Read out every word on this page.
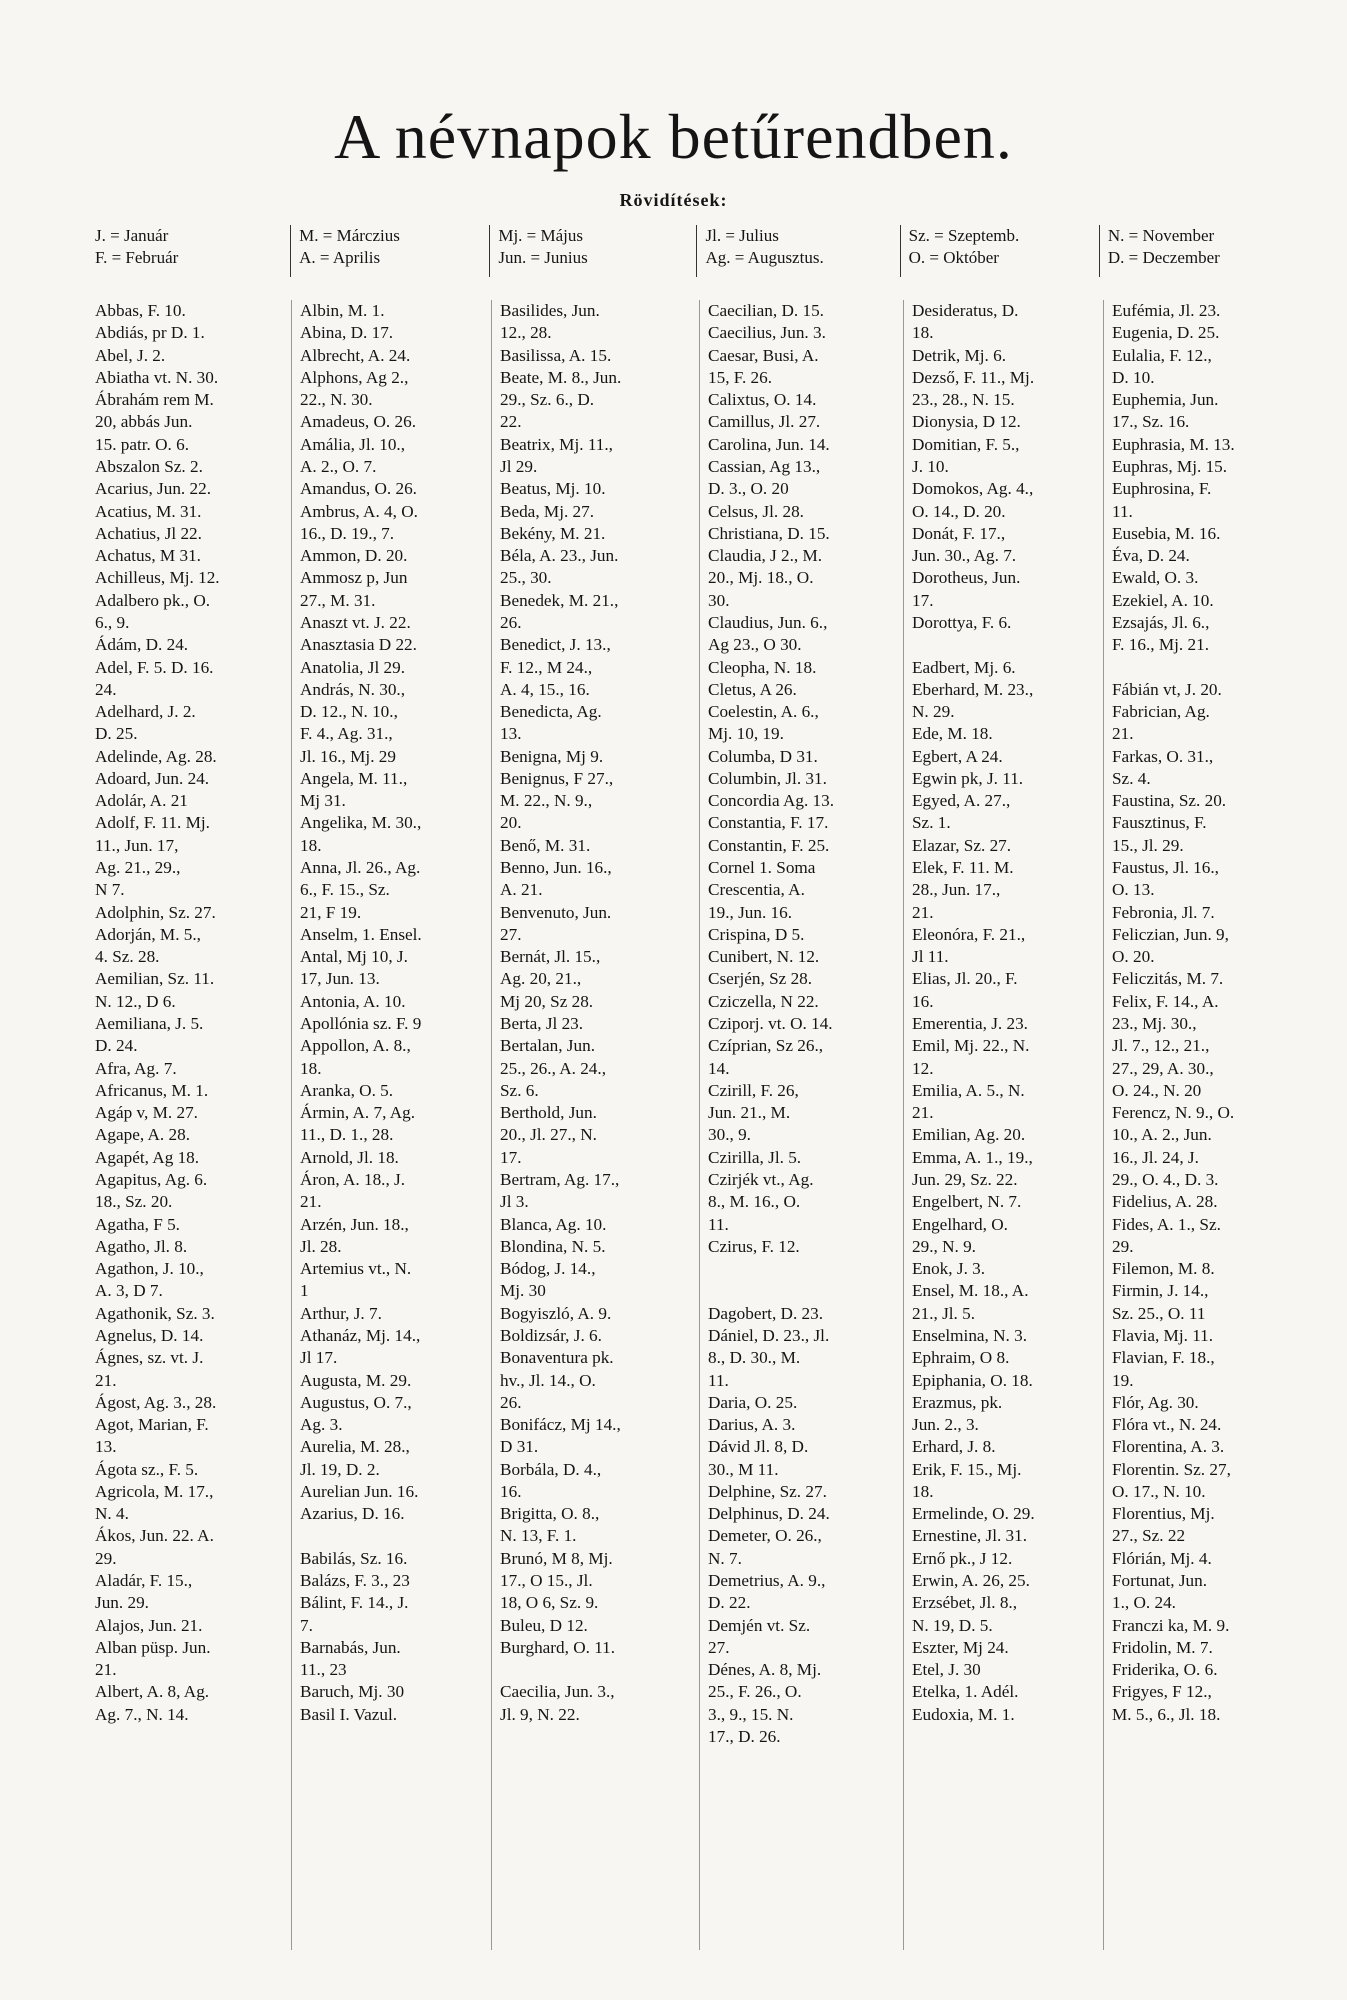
A névnapok betűrendben.
Rövidítések:
J. = Január
F. = Február
M. = Márczius
A. = Aprilis
Mj. = Május
Jun. = Junius
Jl. = Julius
Ag. = Augusztus.
Sz. = Szeptemb.
O. = Október
N. = November
D. = Deczember
Abbas, F. 10.
Abdiás, pr D. 1.
Abel, J. 2.
Abiatha vt. N. 30.
Ábrahám rem M.
20, abbás Jun.
15. patr. O. 6.
Abszalon Sz. 2.
Acarius, Jun. 22.
Acatius, M. 31.
Achatius, Jl 22.
Achatus, M 31.
Achilleus, Mj. 12.
Adalbero pk., O.
6., 9.
Ádám, D. 24.
Adel, F. 5. D. 16.
24.
Adelhard, J. 2.
D. 25.
Adelinde, Ag. 28.
Adoard, Jun. 24.
Adolár, A. 21
Adolf, F. 11. Mj.
11., Jun. 17,
Ag. 21., 29.,
N 7.
Adolphin, Sz. 27.
Adorján, M. 5.,
4. Sz. 28.
Aemilian, Sz. 11.
N. 12., D 6.
Aemiliana, J. 5.
D. 24.
Afra, Ag. 7.
Africanus, M. 1.
Agáp v, M. 27.
Agape, A. 28.
Agapét, Ag 18.
Agapitus, Ag. 6.
18., Sz. 20.
Agatha, F 5.
Agatho, Jl. 8.
Agathon, J. 10.,
A. 3, D 7.
Agathonik, Sz. 3.
Agnelus, D. 14.
Ágnes, sz. vt. J.
21.
Ágost, Ag. 3., 28.
Agot, Marian, F.
13.
Ágota sz., F. 5.
Agricola, M. 17.,
N. 4.
Ákos, Jun. 22. A.
29.
Aladár, F. 15.,
Jun. 29.
Alajos, Jun. 21.
Alban püsp. Jun.
21.
Albert, A. 8, Ag.
Ag. 7., N. 14.
Albin, M. 1.
Abina, D. 17.
Albrecht, A. 24.
Alphons, Ag 2.,
22., N. 30.
Amadeus, O. 26.
Amália, Jl. 10.,
A. 2., O. 7.
Amandus, O. 26.
Ambrus, A. 4, O.
16., D. 19., 7.
Ammon, D. 20.
Ammosz p, Jun
27., M. 31.
Anaszt vt. J. 22.
Anasztasia D 22.
Anatolia, Jl 29.
András, N. 30.,
D. 12., N. 10.,
F. 4., Ag. 31.,
Jl. 16., Mj. 29
Angela, M. 11.,
Mj 31.
Angelika, M. 30.,
18.
Anna, Jl. 26., Ag.
6., F. 15., Sz.
21, F 19.
Anselm, 1. Ensel.
Antal, Mj 10, J.
17, Jun. 13.
Antonia, A. 10.
Apollónia sz. F. 9
Appollon, A. 8.,
18.
Aranka, O. 5.
Ármin, A. 7, Ag.
11., D. 1., 28.
Arnold, Jl. 18.
Áron, A. 18., J.
21.
Arzén, Jun. 18.,
Jl. 28.
Artemius vt., N.
1
Arthur, J. 7.
Athanáz, Mj. 14.,
Jl 17.
Augusta, M. 29.
Augustus, O. 7.,
Ag. 3.
Aurelia, M. 28.,
Jl. 19, D. 2.
Aurelian Jun. 16.
Azarius, D. 16.

Babilás, Sz. 16.
Balázs, F. 3., 23
Bálint, F. 14., J.
7.
Barnabás, Jun.
11., 23
Baruch, Mj. 30
Basil I. Vazul.
Basilides, Jun.
12., 28.
Basilissa, A. 15.
Beate, M. 8., Jun.
29., Sz. 6., D.
22.
Beatrix, Mj. 11.,
Jl 29.
Beatus, Mj. 10.
Beda, Mj. 27.
Bekény, M. 21.
Béla, A. 23., Jun.
25., 30.
Benedek, M. 21.,
26.
Benedict, J. 13.,
F. 12., M 24.,
A. 4, 15., 16.
Benedicta, Ag.
13.
Benigna, Mj 9.
Benignus, F 27.,
M. 22., N. 9.,
20.
Benő, M. 31.
Benno, Jun. 16.,
A. 21.
Benvenuto, Jun.
27.
Bernát, Jl. 15.,
Ag. 20, 21.,
Mj 20, Sz 28.
Berta, Jl 23.
Bertalan, Jun.
25., 26., A. 24.,
Sz. 6.
Berthold, Jun.
20., Jl. 27., N.
17.
Bertram, Ag. 17.,
Jl 3.
Blanca, Ag. 10.
Blondina, N. 5.
Bódog, J. 14.,
Mj. 30
Bogyiszló, A. 9.
Boldizsár, J. 6.
Bonaventura pk.
hv., Jl. 14., O.
26.
Bonifácz, Mj 14.,
D 31.
Borbála, D. 4.,
16.
Brigitta, O. 8.,
N. 13, F. 1.
Brunó, M 8, Mj.
17., O 15., Jl.
18, O 6, Sz. 9.
Buleu, D 12.
Burghard, O. 11.

Caecilia, Jun. 3.,
Jl. 9, N. 22.
Caecilian, D. 15.
Caecilius, Jun. 3.
Caesar, Busi, A.
15, F. 26.
Calixtus, O. 14.
Camillus, Jl. 27.
Carolina, Jun. 14.
Cassian, Ag 13.,
D. 3., O. 20
Celsus, Jl. 28.
Christiana, D. 15.
Claudia, J 2., M.
20., Mj. 18., O.
30.
Claudius, Jun. 6.,
Ag 23., O 30.
Cleopha, N. 18.
Cletus, A 26.
Coelestin, A. 6.,
Mj. 10, 19.
Columba, D 31.
Columbin, Jl. 31.
Concordia Ag. 13.
Constantia, F. 17.
Constantin, F. 25.
Cornel 1. Soma
Crescentia, A.
19., Jun. 16.
Crispina, D 5.
Cunibert, N. 12.
Cserjén, Sz 28.
Cziczella, N 22.
Cziporj. vt. O. 14.
Czíprian, Sz 26.,
14.
Czirill, F. 26,
Jun. 21., M.
30., 9.
Czirilla, Jl. 5.
Czirjék vt., Ag.
8., M. 16., O.
11.
Czirus, F. 12.

Dagobert, D. 23.
Dániel, D. 23., Jl.
8., D. 30., M.
11.
Daria, O. 25.
Darius, A. 3.
Dávid Jl. 8, D.
30., M 11.
Delphine, Sz. 27.
Delphinus, D. 24.
Demeter, O. 26.,
N. 7.
Demetrius, A. 9.,
D. 22.
Demjén vt. Sz.
27.
Dénes, A. 8, Mj.
25., F. 26., O.
3., 9., 15. N.
17., D. 26.
Desideratus, D.
18.
Detrik, Mj. 6.
Dezső, F. 11., Mj.
23., 28., N. 15.
Dionysia, D 12.
Domitian, F. 5.,
J. 10.
Domokos, Ag. 4.,
O. 14., D. 20.
Donát, F. 17.,
Jun. 30., Ag. 7.
Dorotheus, Jun.
17.
Dorottya, F. 6.

Eadbert, Mj. 6.
Eberhard, M. 23.,
N. 29.
Ede, M. 18.
Egbert, A 24.
Egwin pk, J. 11.
Egyed, A. 27.,
Sz. 1.
Elazar, Sz. 27.
Elek, F. 11. M.
28., Jun. 17.,
21.
Eleonóra, F. 21.,
Jl 11.
Elias, Jl. 20., F.
16.
Emerentia, J. 23.
Emil, Mj. 22., N.
12.
Emilia, A. 5., N.
21.
Emilian, Ag. 20.
Emma, A. 1., 19.,
Jun. 29, Sz. 22.
Engelbert, N. 7.
Engelhard, O.
29., N. 9.
Enok, J. 3.
Ensel, M. 18., A.
21., Jl. 5.
Enselmina, N. 3.
Ephraim, O 8.
Epiphania, O. 18.
Erazmus, pk.
Jun. 2., 3.
Erhard, J. 8.
Erik, F. 15., Mj.
18.
Ermelinde, O. 29.
Ernestine, Jl. 31.
Ernő pk., J 12.
Erwin, A. 26, 25.
Erzsébet, Jl. 8.,
N. 19, D. 5.
Eszter, Mj 24.
Etel, J. 30
Etelka, 1. Adél.
Eudoxia, M. 1.
Eufémia, Jl. 23.
Eugenia, D. 25.
Eulalia, F. 12.,
D. 10.
Euphemia, Jun.
17., Sz. 16.
Euphrasia, M. 13.
Euphras, Mj. 15.
Euphrosina, F.
11.
Eusebia, M. 16.
Éva, D. 24.
Ewald, O. 3.
Ezekiel, A. 10.
Ezsajás, Jl. 6.,
F. 16., Mj. 21.

Fábián vt, J. 20.
Fabrician, Ag.
21.
Farkas, O. 31.,
Sz. 4.
Faustina, Sz. 20.
Fausztinus, F.
15., Jl. 29.
Faustus, Jl. 16.,
O. 13.
Febronia, Jl. 7.
Feliczian, Jun. 9,
O. 20.
Feliczitás, M. 7.
Felix, F. 14., A.
23., Mj. 30.,
Jl. 7., 12., 21.,
27., 29, A. 30.,
O. 24., N. 20
Ferencz, N. 9., O.
10., A. 2., Jun.
16., Jl. 24, J.
29., O. 4., D. 3.
Fidelius, A. 28.
Fides, A. 1., Sz.
29.
Filemon, M. 8.
Firmin, J. 14.,
Sz. 25., O. 11
Flavia, Mj. 11.
Flavian, F. 18.,
19.
Flór, Ag. 30.
Flóra vt., N. 24.
Florentina, A. 3.
Florentin. Sz. 27,
O. 17., N. 10.
Florentius, Mj.
27., Sz. 22
Flórián, Mj. 4.
Fortunat, Jun.
1., O. 24.
Franczi ka, M. 9.
Fridolin, M. 7.
Friderika, O. 6.
Frigyes, F 12.,
M. 5., 6., Jl. 18.
